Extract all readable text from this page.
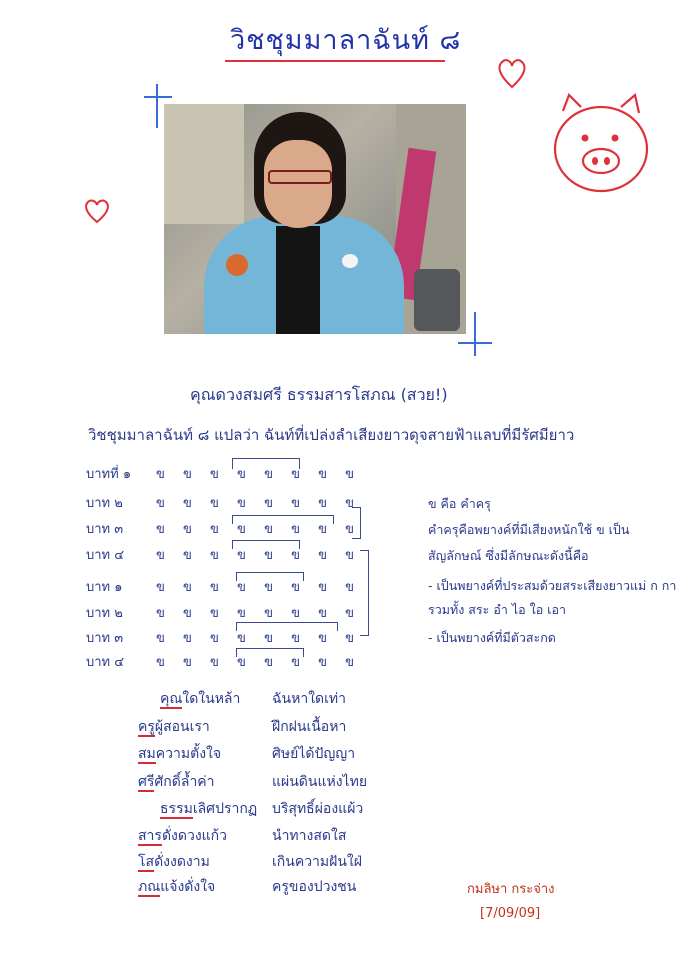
วิชชุมมาลาฉันท์ ๘
คุณดวงสมศรี ธรรมสารโสภณ (สวย!)
วิชชุมมาลาฉันท์ ๘ แปลว่า ฉันท์ที่เปล่งลำเสียงยาวดุจสายฟ้าแลบที่มีรัศมียาว
บาทที่ ๑	ข ข ข ข ข ข ข ข
บาท ๒	ข ข ข ข ข ข ข ข
บาท ๓	ข ข ข ข ข ข ข ข
บาท ๔	ข ข ข ข ข ข ข ข
บาท ๑	ข ข ข ข ข ข ข ข
บาท ๒	ข ข ข ข ข ข ข ข
บาท ๓	ข ข ข ข ข ข ข ข
บาท ๔	ข ข ข ข ข ข ข ข
ข คือ คำครุ
คำครุคือพยางค์ที่มีเสียงหนักใช้ ข เป็น
สัญลักษณ์ ซึ่งมีลักษณะดังนี้คือ
- เป็นพยางค์ที่ประสมด้วยสระเสียงยาวแม่ ก กา
รวมทั้ง สระ อำ ไอ ใอ เอา
- เป็นพยางค์ที่มีตัวสะกด
คุณใดในหล้า ฉันหาใดเท่า
ครูผู้สอนเรา	ฝึกฝนเนื้อหา
สมความตั้งใจ	ศิษย์ได้ปัญญา
ศรีศักดิ์ล้ำค่า	แผ่นดินแห่งไทย
ธรรมเลิศปรากฏ บริสุทธิ์ผ่องแผ้ว
สารดั่งดวงแก้ว	นำทางสดใส
โสดั่งงดงาม	เกินความฝันใฝ่
ภณแจ้งดั่งใจ	ครูของปวงชน	กมลิษา กระจ่าง
[7/09/09]
